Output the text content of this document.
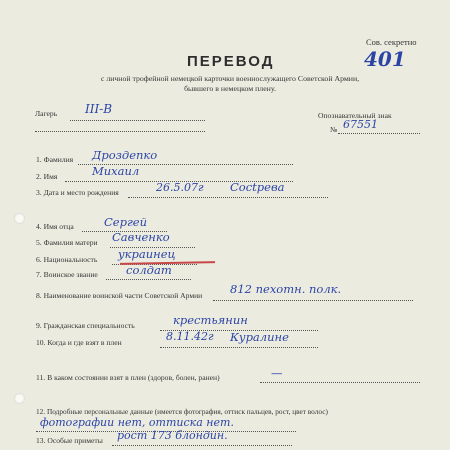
Сов. секретно
401
ПЕРЕВОД
с личной трофейной немецкой карточки военнослужащего Советской Армии,
бывшего в немецком плену.
Лагерь III-B	Опознавательный знак
№ 67551
1. Фамилия Дроздеnко
2. Имя	Михаил
3. Дата и место рождения	26.5.07г Сосtрева
4. Имя отца	Сергей
5. Фамилия матери Савченко
6. Национальность украинец
7. Воинское звание солдат
8. Наименование воинской части Советской Армии 812 пехотн. полк.
9. Гражданская специальность	крестьянин
10. Когда и где взят в плен	8.11.42г Куралине
11. В каком состоянии взят в плен (здоров, болен, ранен)	—
12. Подробные персональные данные (имеется фотография, оттиск пальцев, рост, цвет волос)
фотографии нет, оттиска нет.
13. Особые приметы рост 173 блондин.
